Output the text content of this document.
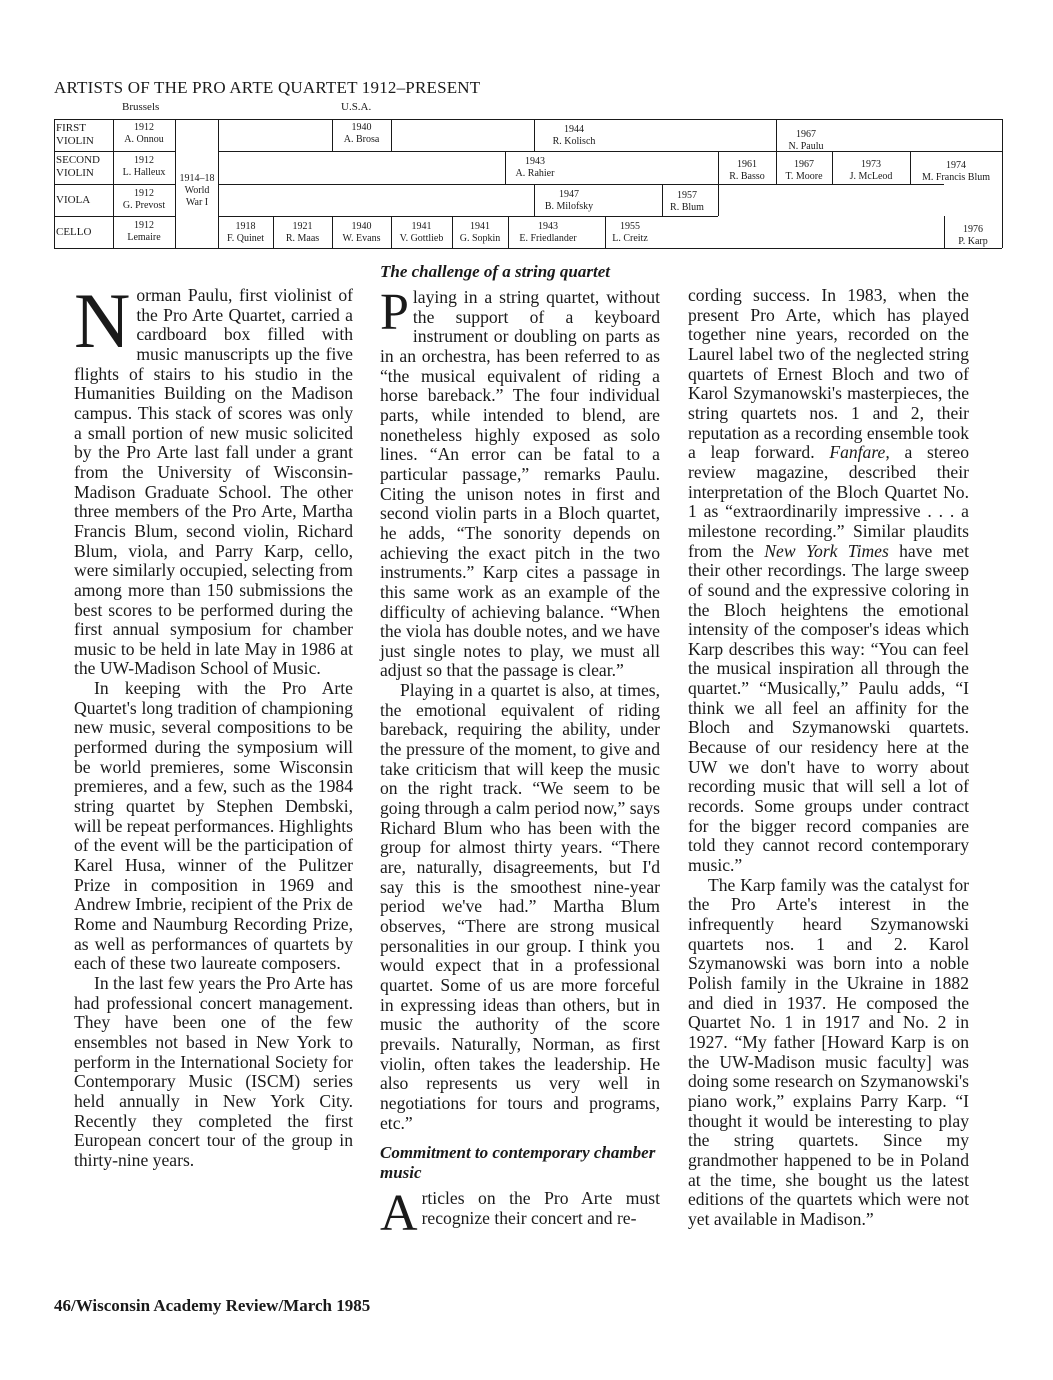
ARTISTS OF THE PRO ARTE QUARTET 1912–PRESENT
Brussels	U.S.A.
FIRST VIOLIN
SECOND VIOLIN
VIOLA
CELLO
1914–18
World War I
1912
A. Onnou
1940
A. Brosa
1944
R. Kolisch
1967
N. Paulu
1912
L. Halleux
1943
A. Rahier
1961
R. Basso
1967
T. Moore
1973
J. McLeod
1974
M. Francis Blum
1912
G. Prevost
1947
B. Milofsky
1957
R. Blum
1912
Lemaire
1918
F. Quinet
1921
R. Maas
1940
W. Evans
1941
V. Gottlieb
1941
G. Sopkin
1943
E. Friedlander
1955
L. Creitz
1976
P. Karp
N orman Paulu, first violinist of the Pro Arte Quartet, carried a cardboard box filled with music manuscripts up the five flights of stairs to his studio in the Humanities Building on the Madison campus. This stack of scores was only a small portion of new music solicited by the Pro Arte last fall under a grant from the University of Wisconsin-Madison Graduate School. The other three members of the Pro Arte, Martha Francis Blum, second violin, Richard Blum, viola, and Parry Karp, cello, were similarly occupied, selecting from among more than 150 submissions the best scores to be performed during the first annual symposium for chamber music to be held in late May in 1986 at the UW-Madison School of Music.

In keeping with the Pro Arte Quartet's long tradition of championing new music, several compositions to be performed during the symposium will be world premieres, some Wisconsin premieres, and a few, such as the 1984 string quartet by Stephen Dembski, will be repeat performances. Highlights of the event will be the participation of Karel Husa, winner of the Pulitzer Prize in composition in 1969 and Andrew Imbrie, recipient of the Prix de Rome and Naumburg Recording Prize, as well as performances of quartets by each of these two laureate composers.

In the last few years the Pro Arte has had professional concert management. They have been one of the few ensembles not based in New York to perform in the International Society for Contemporary Music (ISCM) series held annually in New York City. Recently they completed the first European concert tour of the group in thirty-nine years.

The challenge of a string quartet
P laying in a string quartet, without the support of a keyboard instrument or doubling on parts as in an orchestra, has been referred to as “the musical equivalent of riding a horse bareback.” The four individual parts, while intended to blend, are nonetheless highly exposed as solo lines. “An error can be fatal to a particular passage,” remarks Paulu. Citing the unison notes in first and second violin parts in a Bloch quartet, he adds, “The sonority depends on achieving the exact pitch in the two instruments.” Karp cites a passage in this same work as an example of the difficulty of achieving balance. “When the viola has double notes, and we have just single notes to play, we must all adjust so that the passage is clear.”

Playing in a quartet is also, at times, the emotional equivalent of riding bareback, requiring the ability, under the pressure of the moment, to give and take criticism that will keep the music on the right track. “We seem to be going through a calm period now,” says Richard Blum who has been with the group for almost thirty years. “There are, naturally, disagreements, but I'd say this is the smoothest nine-year period we've had.” Martha Blum observes, “There are strong musical personalities in our group. I think you would expect that in a professional quartet. Some of us are more forceful in expressing ideas than others, but in music the authority of the score prevails. Naturally, Norman, as first violin, often takes the leadership. He also represents us very well in negotiations for tours and programs, etc.”

Commitment to contemporary chamber music
A rticles on the Pro Arte must recognize their concert and re-

cording success. In 1983, when the present Pro Arte, which has played together nine years, recorded on the Laurel label two of the neglected string quartets of Ernest Bloch and two of Karol Szymanowski's masterpieces, the string quartets nos. 1 and 2, their reputation as a recording ensemble took a leap forward. Fanfare, a stereo review magazine, described their interpretation of the Bloch Quartet No. 1 as “extraordinarily impressive . . . a milestone recording.” Similar plaudits from the New York Times have met their other recordings. The large sweep of sound and the expressive coloring in the Bloch heightens the emotional intensity of the composer's ideas which Karp describes this way: “You can feel the musical inspiration all through the quartet.” “Musically,” Paulu adds, “I think we all feel an affinity for the Bloch and Szymanowski quartets. Because of our residency here at the UW we don't have to worry about recording music that will sell a lot of records. Some groups under contract for the bigger record companies are told they cannot record contemporary music.”

The Karp family was the catalyst for the Pro Arte's interest in the infrequently heard Szymanowski quartets nos. 1 and 2. Karol Szymanowski was born into a noble Polish family in the Ukraine in 1882 and died in 1937. He composed the Quartet No. 1 in 1917 and No. 2 in 1927. “My father [Howard Karp is on the UW-Madison music faculty] was doing some research on Szymanowski's piano work,” explains Parry Karp. “I thought it would be interesting to play the string quartets. Since my grandmother happened to be in Poland at the time, she bought us the latest editions of the quartets which were not yet available in Madison.”

46/Wisconsin Academy Review/March 1985
